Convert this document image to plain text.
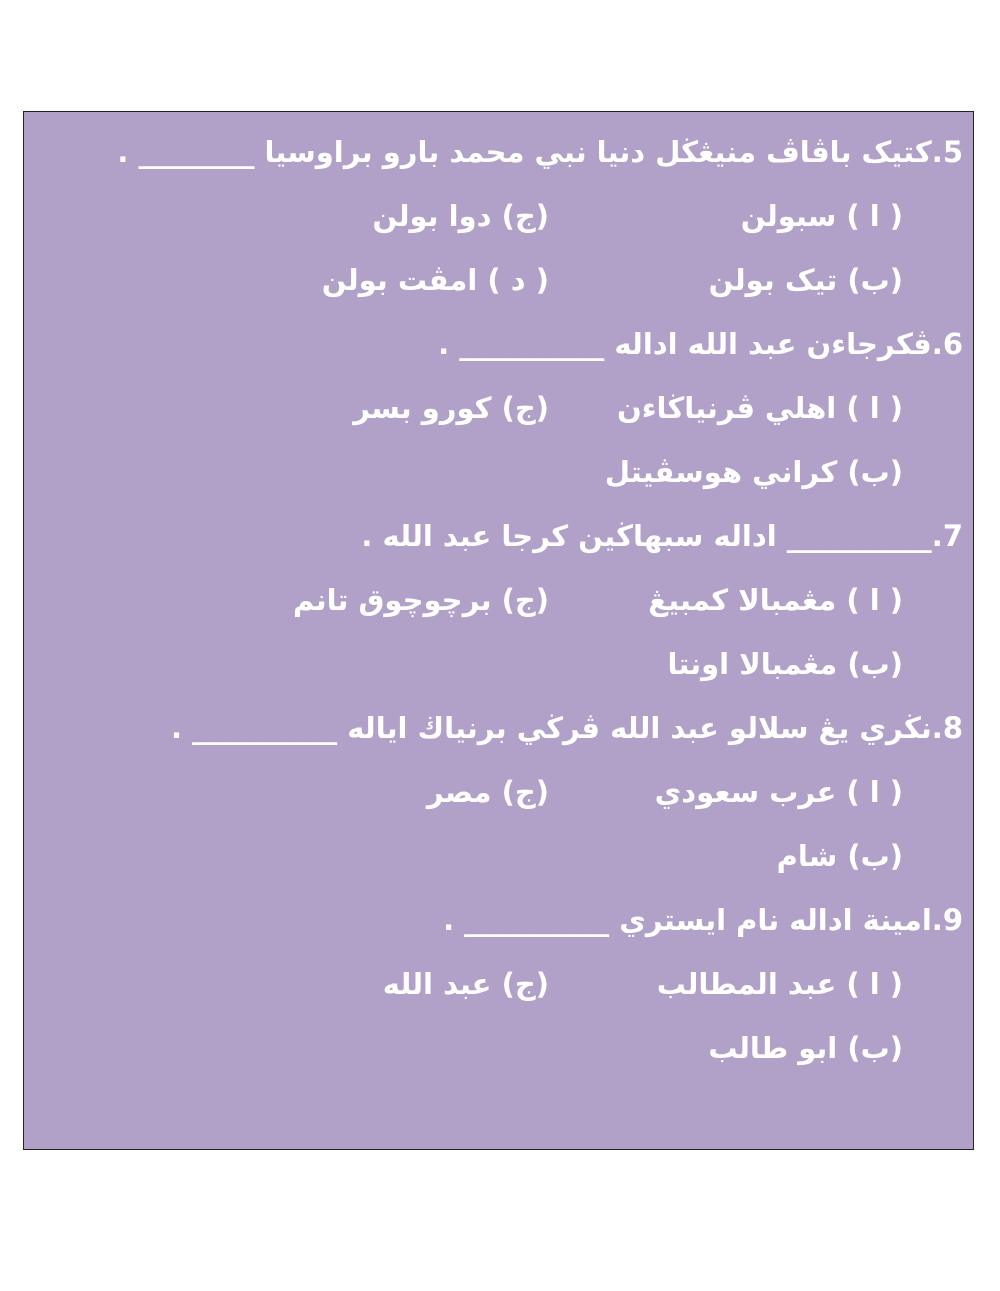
5.كتيک باڤاڤ منيڠڬل دنيا نبي محمد بارو براوسيا ________ .
( ا ) سبولن
(ج) دوا بولن
(ب) تيک بولن
( د ) امڤت بولن
6.ڤكرجاءن عبد الله اداله __________ .
( ا ) اهلي ڤرنياڬاءن
(ج) كورو بسر
(ب) كراني هوسڤيتل
7.__________ اداله سبهاڬين كرجا عبد الله .
( ا ) مڠمبالا كمبيڠ
(ج) برچوچوق تانم
(ب) مڠمبالا اونتا
8.نڬري يڠ سلالو عبد الله ڤرڬي برنياڬ اياله __________ .
( ا ) عرب سعودي
(ج) مصر
(ب) شام
9.امينة اداله نام ايستري __________ .
( ا ) عبد المطالب
(ج) عبد الله
(ب) ابو طالب
